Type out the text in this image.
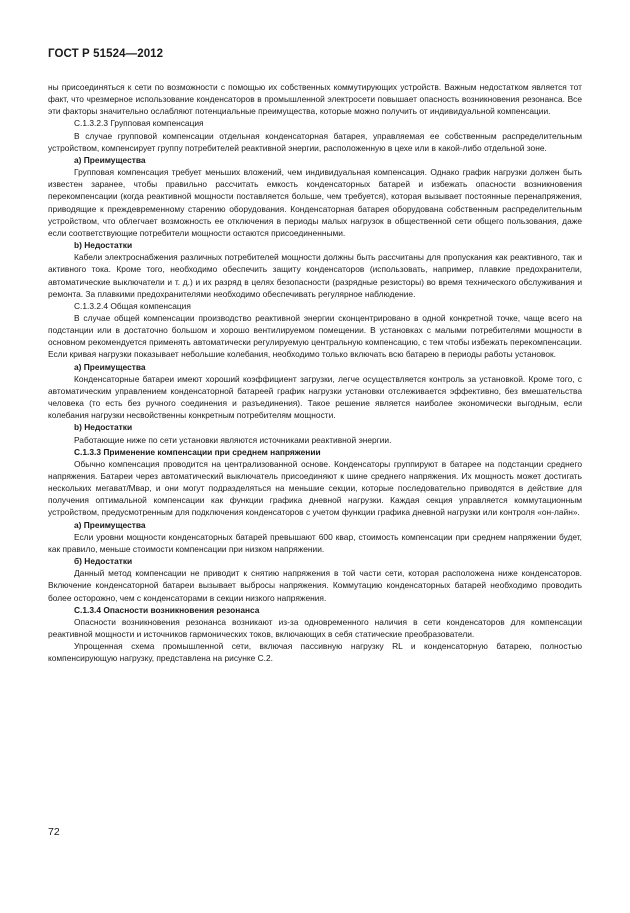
ГОСТ Р 51524—2012

ны присоединяться к сети по возможности с помощью их собственных коммутирующих устройств. Важным недостатком является тот факт, что чрезмерное использование конденсаторов в промышленной электросети повышает опасность возникновения резонанса. Все эти факторы значительно ослабляют потенциальные преимущества, которые можно получить от индивидуальной компенсации.

C.1.3.2.3 Групповая компенсация

В случае групповой компенсации отдельная конденсаторная батарея, управляемая ее собственным распределительным устройством, компенсирует группу потребителей реактивной энергии, расположенную в цехе или в какой-либо отдельной зоне.

а) Преимущества

Групповая компенсация требует меньших вложений, чем индивидуальная компенсация. Однако график нагрузки должен быть известен заранее, чтобы правильно рассчитать емкость конденсаторных батарей и избежать опасности возникновения перекомпенсации (когда реактивной мощности поставляется больше, чем требуется), которая вызывает постоянные перенапряжения, приводящие к преждевременному старению оборудования. Конденсаторная батарея оборудована собственным распределительным устройством, что облегчает возможность ее отключения в периоды малых нагрузок в общественной сети общего пользования, даже если соответствующие потребители мощности остаются присоединенными.

b) Недостатки

Кабели электроснабжения различных потребителей мощности должны быть рассчитаны для пропускания как реактивного, так и активного тока. Кроме того, необходимо обеспечить защиту конденсаторов (использовать, например, плавкие предохранители, автоматические выключатели и т. д.) и их разряд в целях безопасности (разрядные резисторы) во время технического обслуживания и ремонта. За плавкими предохранителями необходимо обеспечивать регулярное наблюдение.

C.1.3.2.4 Общая компенсация

В случае общей компенсации производство реактивной энергии сконцентрировано в одной конкретной точке, чаще всего на подстанции или в достаточно большом и хорошо вентилируемом помещении. В установках с малыми потребителями мощности в основном рекомендуется применять автоматически регулируемую центральную компенсацию, с тем чтобы избежать перекомпенсации. Если кривая нагрузки показывает небольшие колебания, необходимо только включать всю батарею в периоды работы установок.

а) Преимущества

Конденсаторные батареи имеют хороший коэффициент загрузки, легче осуществляется контроль за установкой. Кроме того, с автоматическим управлением конденсаторной батареей график нагрузки установки отслеживается эффективно, без вмешательства человека (то есть без ручного соединения и разъединения). Такое решение является наиболее экономически выгодным, если колебания нагрузки несвойственны конкретным потребителям мощности.

b) Недостатки

Работающие ниже по сети установки являются источниками реактивной энергии.

C.1.3.3 Применение компенсации при среднем напряжении

Обычно компенсация проводится на централизованной основе. Конденсаторы группируют в батарее на подстанции среднего напряжения. Батареи через автоматический выключатель присоединяют к шине среднего напряжения. Их мощность может достигать нескольких мегават/Мвар, и они могут подразделяться на меньшие секции, которые последовательно приводятся в действие для получения оптимальной компенсации как функции графика дневной нагрузки. Каждая секция управляется коммутационным устройством, предусмотренным для подключения конденсаторов с учетом функции графика дневной нагрузки или контроля «он-лайн».

а) Преимущества

Если уровни мощности конденсаторных батарей превышают 600 квар, стоимость компенсации при среднем напряжении будет, как правило, меньше стоимости компенсации при низком напряжении.

б) Недостатки

Данный метод компенсации не приводит к снятию напряжения в той части сети, которая расположена ниже конденсаторов. Включение конденсаторной батареи вызывает выбросы напряжения. Коммутацию конденсаторных батарей необходимо проводить более осторожно, чем с конденсаторами в секции низкого напряжения.

C.1.3.4 Опасности возникновения резонанса

Опасности возникновения резонанса возникают из-за одновременного наличия в сети конденсаторов для компенсации реактивной мощности и источников гармонических токов, включающих в себя статические преобразователи.

Упрощенная схема промышленной сети, включая пассивную нагрузку RL и конденсаторную батарею, полностью компенсирующую нагрузку, представлена на рисунке C.2.

72
